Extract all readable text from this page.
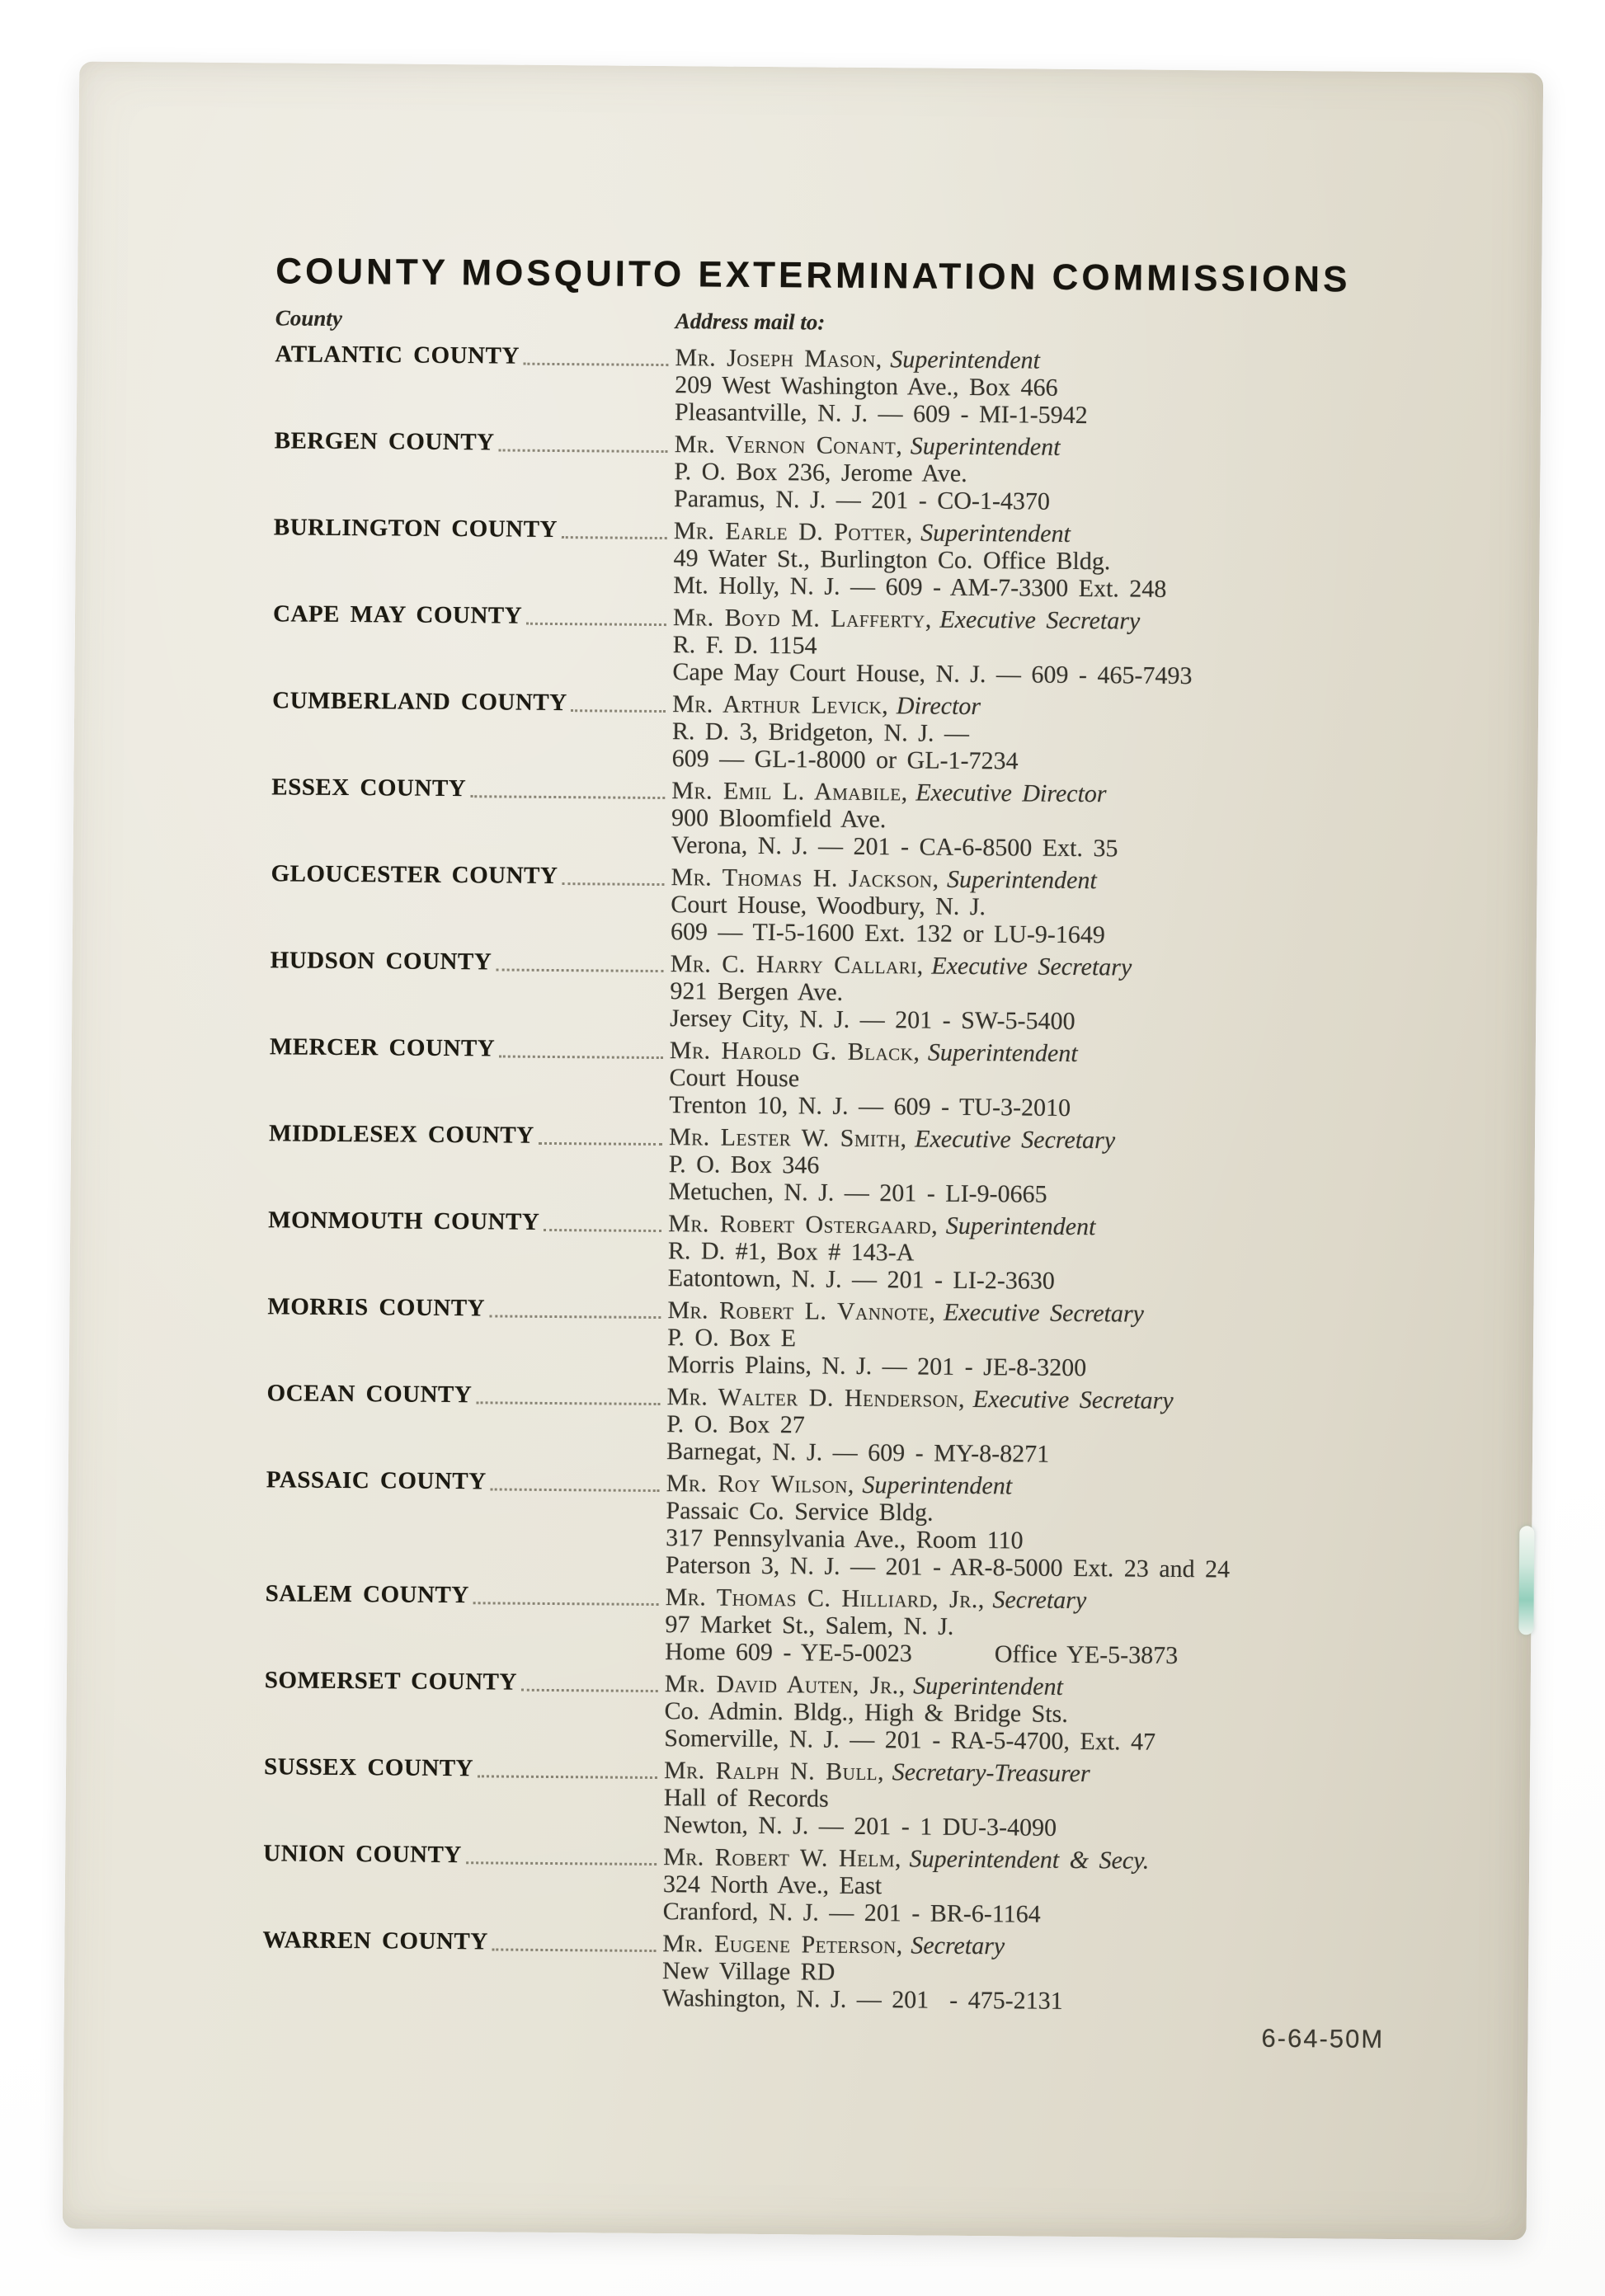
COUNTY MOSQUITO EXTERMINATION COMMISSIONS
County	Address mail to:
ATLANTIC COUNTY	Mr. Joseph Mason, Superintendent
209 West Washington Ave., Box 466
Pleasantville, N. J. — 609 - MI-1-5942
BERGEN COUNTY	Mr. Vernon Conant, Superintendent
P. O. Box 236, Jerome Ave.
Paramus, N. J. — 201 - CO-1-4370
BURLINGTON COUNTY	Mr. Earle D. Potter, Superintendent
49 Water St., Burlington Co. Office Bldg.
Mt. Holly, N. J. — 609 - AM-7-3300 Ext. 248
CAPE MAY COUNTY	Mr. Boyd M. Lafferty, Executive Secretary
R. F. D. 1154
Cape May Court House, N. J. — 609 - 465-7493
CUMBERLAND COUNTY	Mr. Arthur Levick, Director
R. D. 3, Bridgeton, N. J. —
609 — GL-1-8000 or GL-1-7234
ESSEX COUNTY	Mr. Emil L. Amabile, Executive Director
900 Bloomfield Ave.
Verona, N. J. — 201 - CA-6-8500 Ext. 35
GLOUCESTER COUNTY	Mr. Thomas H. Jackson, Superintendent
Court House, Woodbury, N. J.
609 — TI-5-1600 Ext. 132 or LU-9-1649
HUDSON COUNTY	Mr. C. Harry Callari, Executive Secretary
921 Bergen Ave.
Jersey City, N. J. — 201 - SW-5-5400
MERCER COUNTY	Mr. Harold G. Black, Superintendent
Court House
Trenton 10, N. J. — 609 - TU-3-2010
MIDDLESEX COUNTY	Mr. Lester W. Smith, Executive Secretary
P. O. Box 346
Metuchen, N. J. — 201 - LI-9-0665
MONMOUTH COUNTY	Mr. Robert Ostergaard, Superintendent
R. D. #1, Box # 143-A
Eatontown, N. J. — 201 - LI-2-3630
MORRIS COUNTY	Mr. Robert L. Vannote, Executive Secretary
P. O. Box E
Morris Plains, N. J. — 201 - JE-8-3200
OCEAN COUNTY	Mr. Walter D. Henderson, Executive Secretary
P. O. Box 27
Barnegat, N. J. — 609 - MY-8-8271
PASSAIC COUNTY	Mr. Roy Wilson, Superintendent
Passaic Co. Service Bldg.
317 Pennsylvania Ave., Room 110
Paterson 3, N. J. — 201 - AR-8-5000 Ext. 23 and 24
SALEM COUNTY	Mr. Thomas C. Hilliard, Jr., Secretary
97 Market St., Salem, N. J.
Home 609 - YE-5-0023        Office YE-5-3873
SOMERSET COUNTY	Mr. David Auten, Jr., Superintendent
Co. Admin. Bldg., High & Bridge Sts.
Somerville, N. J. — 201 - RA-5-4700, Ext. 47
SUSSEX COUNTY	Mr. Ralph N. Bull, Secretary-Treasurer
Hall of Records
Newton, N. J. — 201 - 1 DU-3-4090
UNION COUNTY	Mr. Robert W. Helm, Superintendent & Secy.
324 North Ave., East
Cranford, N. J. — 201 - BR-6-1164
WARREN COUNTY	Mr. Eugene Peterson, Secretary
New Village RD
Washington, N. J. — 201  - 475-2131
6-64-50M
